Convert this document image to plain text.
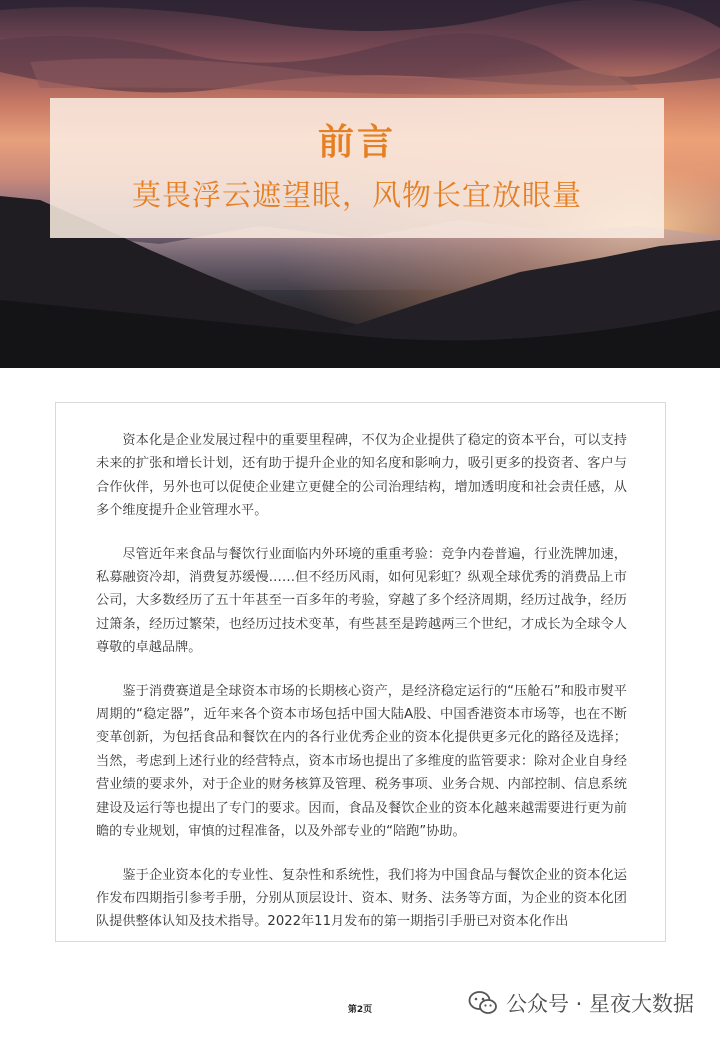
前言
莫畏浮云遮望眼，风物长宜放眼量

资本化是企业发展过程中的重要里程碑，不仅为企业提供了稳定的资本平台，可以支持未来的扩张和增长计划，还有助于提升企业的知名度和影响力，吸引更多的投资者、客户与合作伙伴，另外也可以促使企业建立更健全的公司治理结构，增加透明度和社会责任感，从多个维度提升企业管理水平。

尽管近年来食品与餐饮行业面临内外环境的重重考验：竞争内卷普遍，行业洗牌加速，私募融资冷却，消费复苏缓慢……但不经历风雨，如何见彩虹？纵观全球优秀的消费品上市公司，大多数经历了五十年甚至一百多年的考验，穿越了多个经济周期，经历过战争，经历过箫条，经历过繁荣，也经历过技术变革，有些甚至是跨越两三个世纪，才成长为全球令人尊敬的卓越品牌。

鉴于消费赛道是全球资本市场的长期核心资产，是经济稳定运行的“压舱石”和股市熨平周期的“稳定器”，近年来各个资本市场包括中国大陆A股、中国香港资本市场等，也在不断变革创新，为包括食品和餐饮在内的各行业优秀企业的资本化提供更多元化的路径及选择；当然，考虑到上述行业的经营特点，资本市场也提出了多维度的监管要求：除对企业自身经营业绩的要求外，对于企业的财务核算及管理、税务事项、业务合规、内部控制、信息系统建设及运行等也提出了专门的要求。因而，食品及餐饮企业的资本化越来越需要进行更为前瞻的专业规划，审慎的过程准备，以及外部专业的“陪跑”协助。

鉴于企业资本化的专业性、复杂性和系统性，我们将为中国食品与餐饮企业的资本化运作发布四期指引参考手册，分别从顶层设计、资本、财务、法务等方面，为企业的资本化团队提供整体认知及技术指导。2022年11月发布的第一期指引手册已对资本化作出

第2页	公众号 · 星夜大数据
